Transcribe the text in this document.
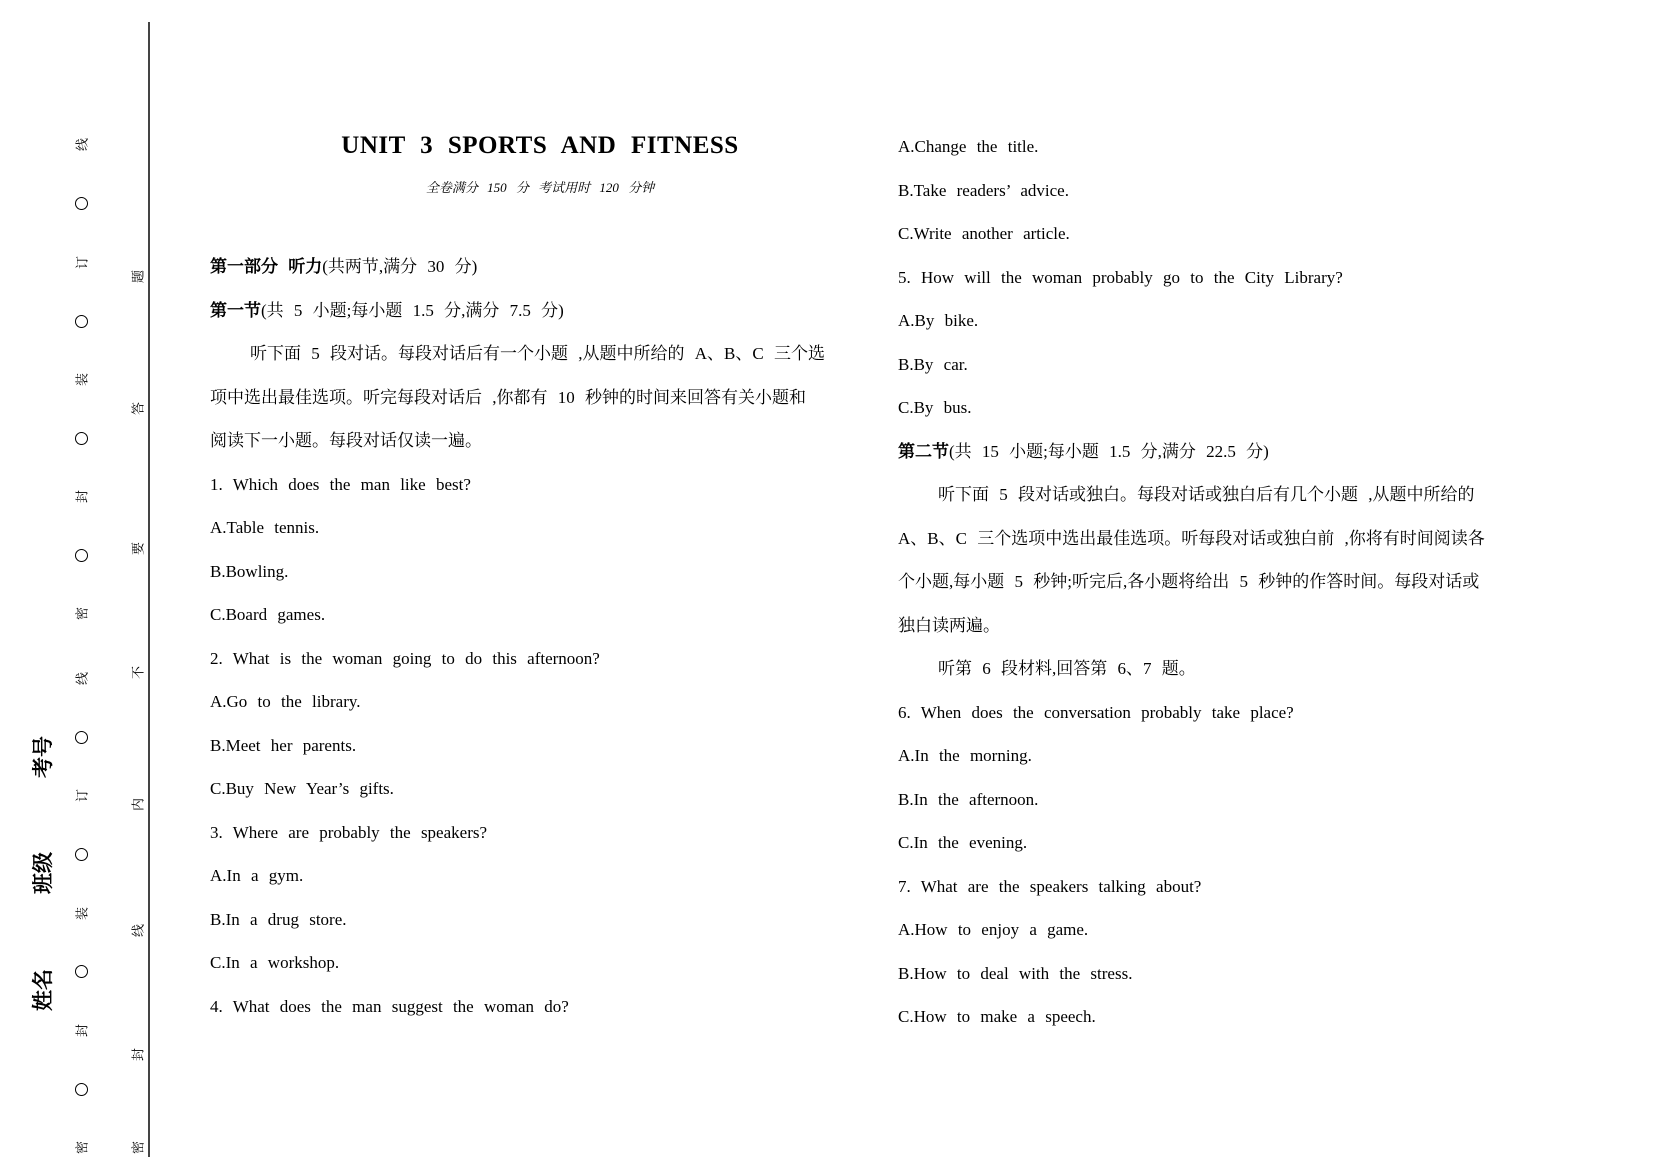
线
订
装
封
密
线
订
装
封
密
题
答
要
不
内
线
封
密
考号
班级
姓名
UNIT 3 SPORTS AND FITNESS
全卷满分 150 分 考试用时 120 分钟
第一部分 听力(共两节,满分 30 分)
第一节(共 5 小题;每小题 1.5 分,满分 7.5 分)
听下面 5 段对话。每段对话后有一个小题 ,从题中所给的 A、B、C 三个选
项中选出最佳选项。听完每段对话后 ,你都有 10 秒钟的时间来回答有关小题和
阅读下一小题。每段对话仅读一遍。
1. Which does the man like best?
A.Table tennis.
B.Bowling.
C.Board games.
2. What is the woman going to do this afternoon?
A.Go to the library.
B.Meet her parents.
C.Buy New Year’s gifts.
3. Where are probably the speakers?
A.In a gym.
B.In a drug store.
C.In a workshop.
4. What does the man suggest the woman do?
A.Change the title.
B.Take readers’ advice.
C.Write another article.
5. How will the woman probably go to the City Library?
A.By bike.
B.By car.
C.By bus.
第二节(共 15 小题;每小题 1.5 分,满分 22.5 分)
听下面 5 段对话或独白。每段对话或独白后有几个小题 ,从题中所给的
A、B、C 三个选项中选出最佳选项。听每段对话或独白前 ,你将有时间阅读各
个小题,每小题 5 秒钟;听完后,各小题将给出 5 秒钟的作答时间。每段对话或
独白读两遍。
听第 6 段材料,回答第 6、7 题。
6. When does the conversation probably take place?
A.In the morning.
B.In the afternoon.
C.In the evening.
7. What are the speakers talking about?
A.How to enjoy a game.
B.How to deal with the stress.
C.How to make a speech.
